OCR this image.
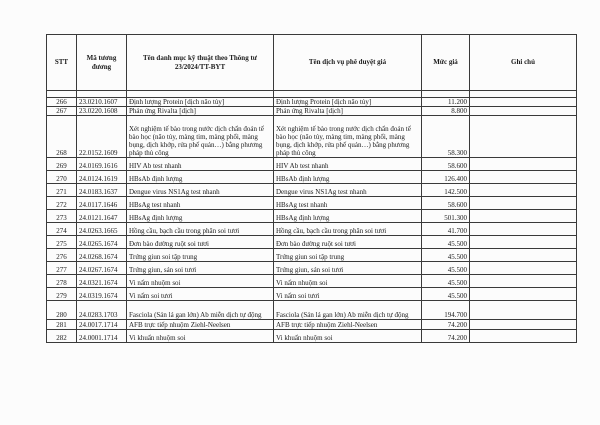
STT	Mã tương đương	Tên danh mục kỹ thuật theo Thông tư 23/2024/TT-BYT	Tên dịch vụ phê duyệt giá	Mức giá	Ghi chú

266	23.0210.1607	Định lượng Protein [dịch não tủy]	Định lượng Protein [dịch não tủy]	11.200	
267	23.0220.1608	Phản ứng Rivalta [dịch]	Phản ứng Rivalta [dịch]	8.800	
268	22.0152.1609	Xét nghiệm tế bào trong nước dịch chẩn đoán tế bào học (não tủy, màng tim, màng phổi, màng bụng, dịch khớp, rửa phế quản…) bằng phương pháp thủ công	Xét nghiệm tế bào trong nước dịch chẩn đoán tế bào học (não tủy, màng tim, màng phổi, màng bụng, dịch khớp, rửa phế quản…) bằng phương pháp thủ công	58.300	
269	24.0169.1616	HIV Ab test nhanh	HIV Ab test nhanh	58.600	
270	24.0124.1619	HBsAb định lượng	HBsAb định lượng	126.400	
271	24.0183.1637	Dengue virus NS1Ag test nhanh	Dengue virus NS1Ag test nhanh	142.500	
272	24.0117.1646	HBsAg test nhanh	HBsAg test nhanh	58.600	
273	24.0121.1647	HBsAg định lượng	HBsAg định lượng	501.300	
274	24.0263.1665	Hồng cầu, bạch cầu trong phân soi tươi	Hồng cầu, bạch cầu trong phân soi tươi	41.700	
275	24.0265.1674	Đơn bào đường ruột soi tươi	Đơn bào đường ruột soi tươi	45.500	
276	24.0268.1674	Trứng giun soi tập trung	Trứng giun soi tập trung	45.500	
277	24.0267.1674	Trứng giun, sán soi tươi	Trứng giun, sán soi tươi	45.500	
278	24.0321.1674	Vi nấm nhuộm soi	Vi nấm nhuộm soi	45.500	
279	24.0319.1674	Vi nấm soi tươi	Vi nấm soi tươi	45.500	
280	24.0283.1703	Fasciola (Sán lá gan lớn) Ab miễn dịch tự động	Fasciola (Sán lá gan lớn) Ab miễn dịch tự động	194.700	
281	24.0017.1714	AFB trực tiếp nhuộm Ziehl-Neelsen	AFB trực tiếp nhuộm Ziehl-Neelsen	74.200	
282	24.0001.1714	Vi khuẩn nhuộm soi	Vi khuẩn nhuộm soi	74.200	
